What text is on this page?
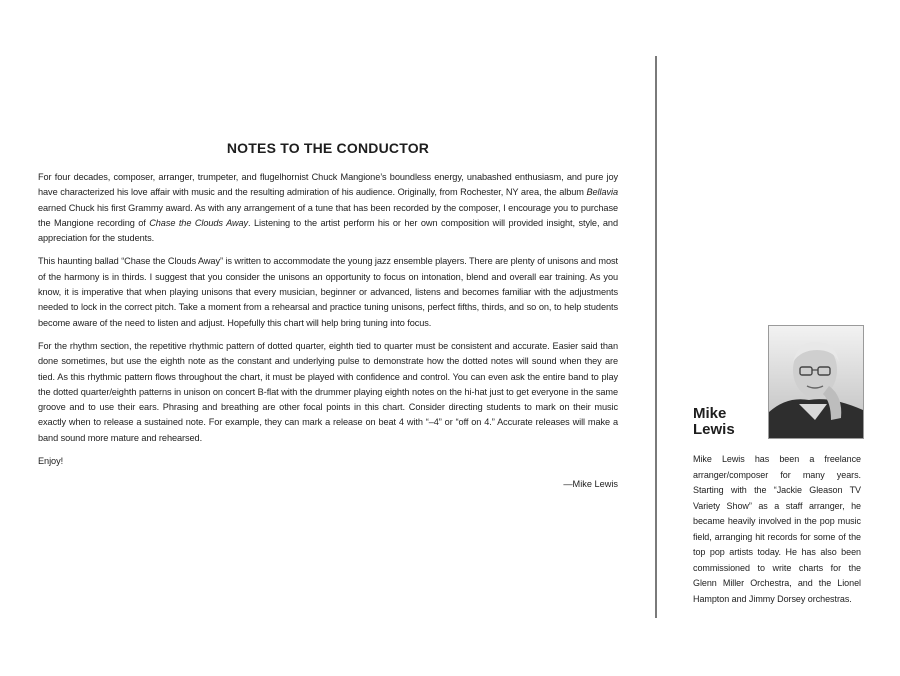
NOTES TO THE CONDUCTOR

For four decades, composer, arranger, trumpeter, and flugelhornist Chuck Mangione’s boundless energy, unabashed enthusiasm, and pure joy have characterized his love affair with music and the resulting admiration of his audience. Originally, from Rochester, NY area, the album Bellavia earned Chuck his first Grammy award. As with any arrangement of a tune that has been recorded by the composer, I encourage you to purchase the Mangione recording of Chase the Clouds Away. Listening to the artist perform his or her own composition will provided insight, style, and appreciation for the students.

This haunting ballad “Chase the Clouds Away” is written to accommodate the young jazz ensemble players. There are plenty of unisons and most of the harmony is in thirds. I suggest that you consider the unisons an opportunity to focus on intonation, blend and overall ear training. As you know, it is imperative that when playing unisons that every musician, beginner or advanced, listens and becomes familiar with the adjustments needed to lock in the correct pitch. Take a moment from a rehearsal and practice tuning unisons, perfect fifths, thirds, and so on, to help students become aware of the need to listen and adjust. Hopefully this chart will help bring tuning into focus.

For the rhythm section, the repetitive rhythmic pattern of dotted quarter, eighth tied to quarter must be consistent and accurate. Easier said than done sometimes, but use the eighth note as the constant and underlying pulse to demonstrate how the dotted notes will sound when they are tied. As this rhythmic pattern flows throughout the chart, it must be played with confidence and control. You can even ask the entire band to play the dotted quarter/eighth patterns in unison on concert B-flat with the drummer playing eighth notes on the hi-hat just to get everyone in the same groove and to use their ears. Phrasing and breathing are other focal points in this chart. Consider directing students to mark on their music exactly when to release a sustained note. For example, they can mark a release on beat 4 with “–4” or “off on 4.” Accurate releases will make a band sound more mature and rehearsed.

Enjoy!

—Mike Lewis
Mike
Lewis
Mike Lewis has been a freelance arranger/composer for many years. Starting with the “Jackie Gleason TV Variety Show” as a staff arranger, he became heavily involved in the pop music field, arranging hit records for some of the top pop artists today. He has also been commissioned to write charts for the Glenn Miller Orchestra, and the Lionel Hampton and Jimmy Dorsey orchestras.
